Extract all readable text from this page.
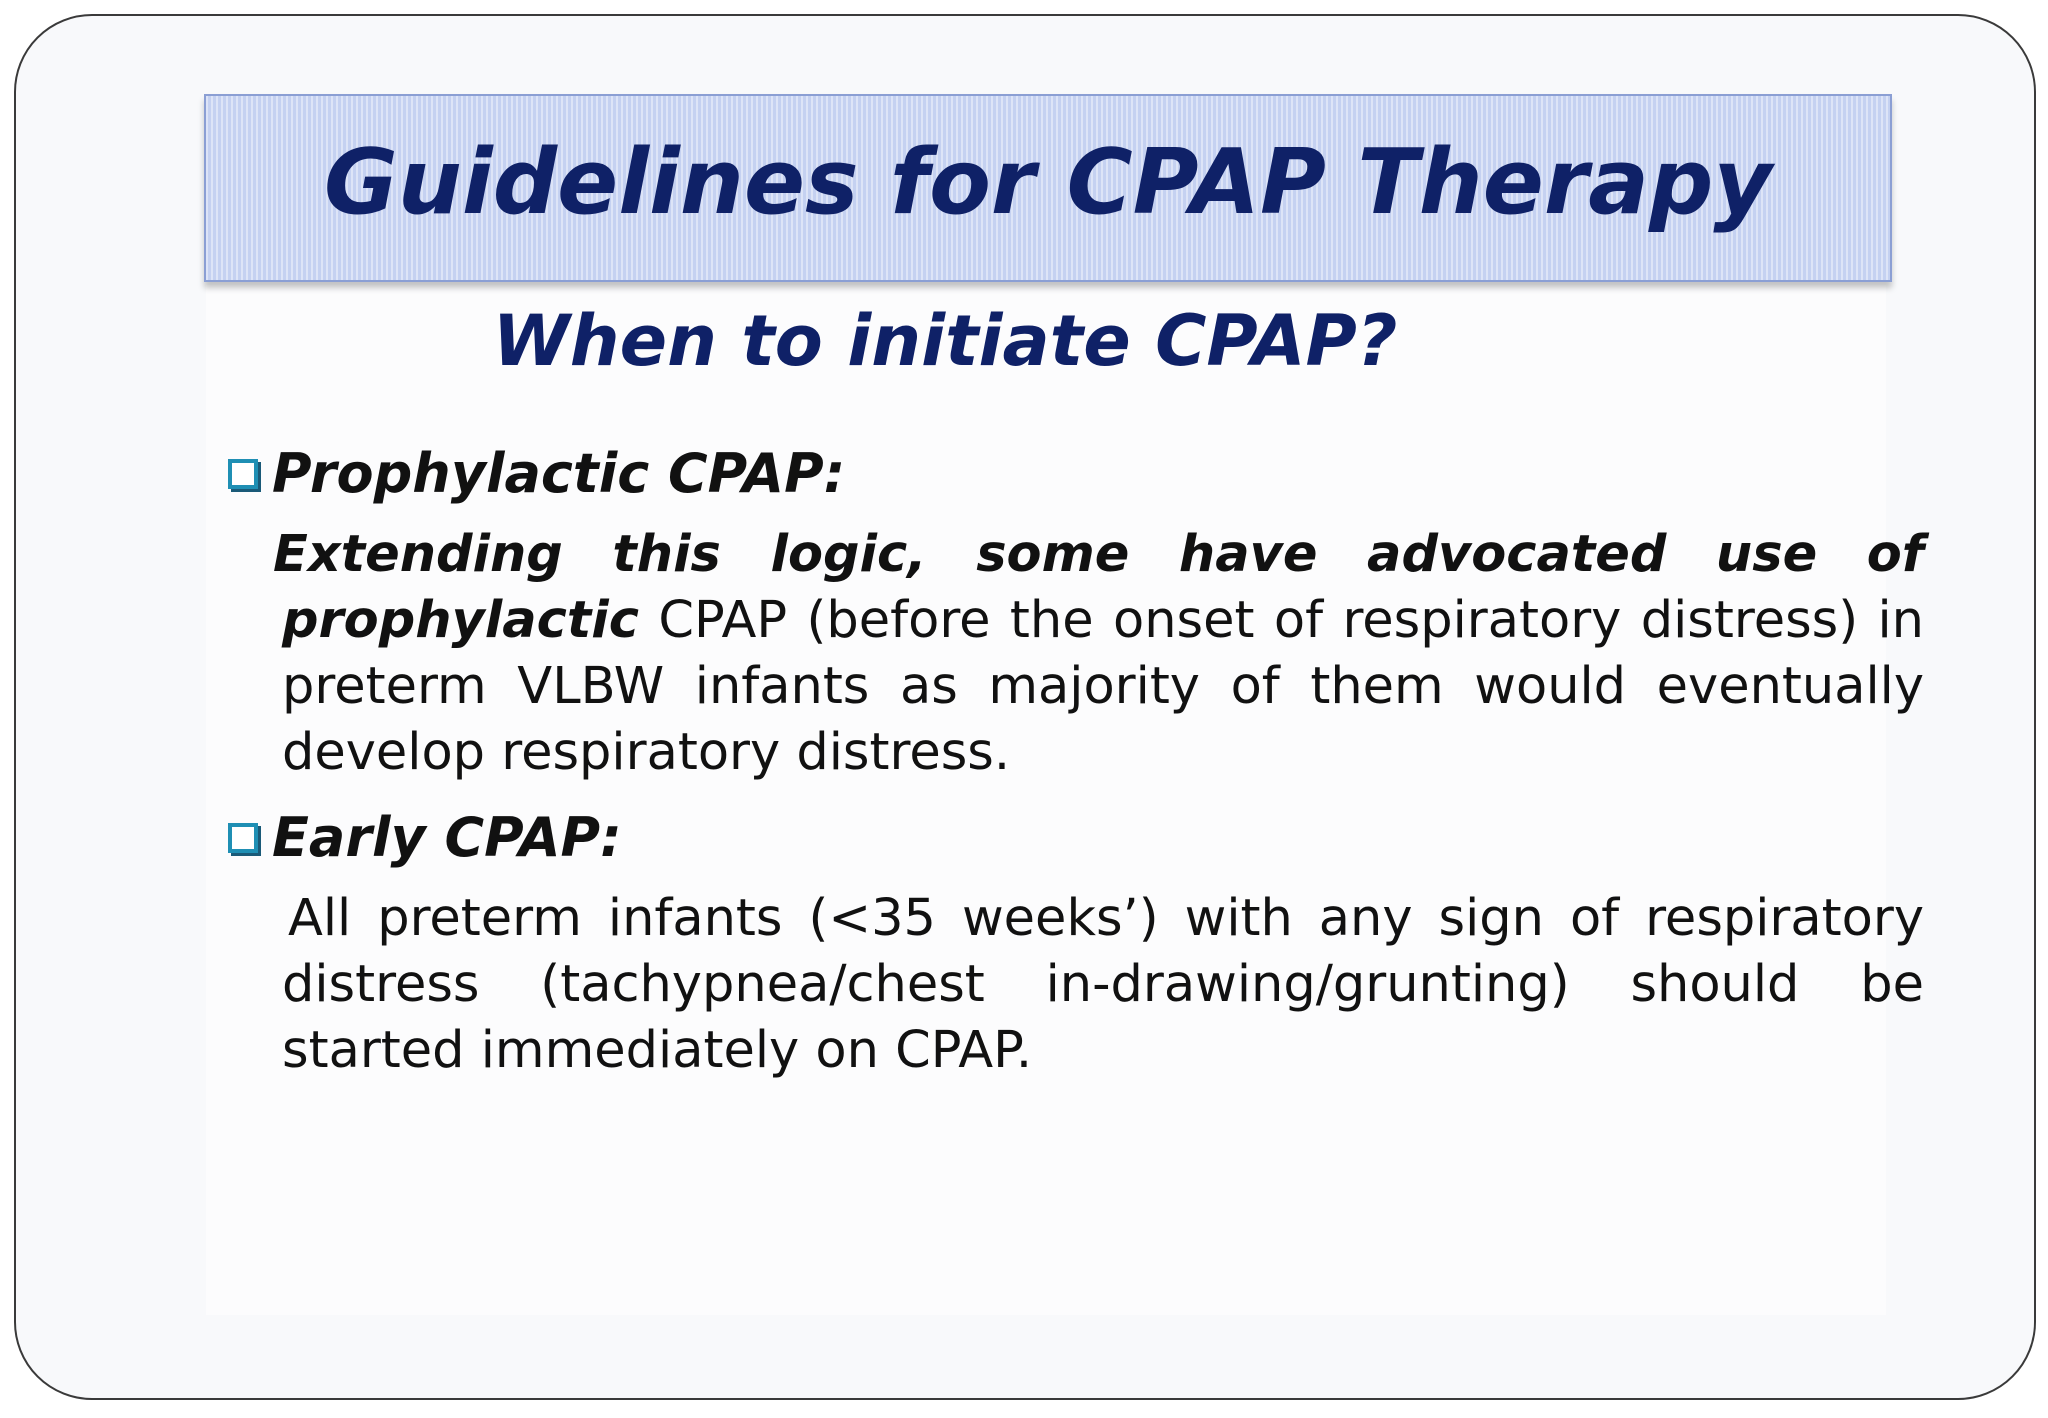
Guidelines for CPAP Therapy
When to initiate CPAP?
Prophylactic CPAP:
Extending this logic, some have advocated use of prophylactic CPAP (before the onset of respiratory distress) in preterm VLBW infants as majority of them would eventually develop respiratory distress.
Early CPAP:
All preterm infants (<35 weeks’) with any sign of respiratory distress (tachypnea/chest in-drawing/grunting) should be started immediately on CPAP.
